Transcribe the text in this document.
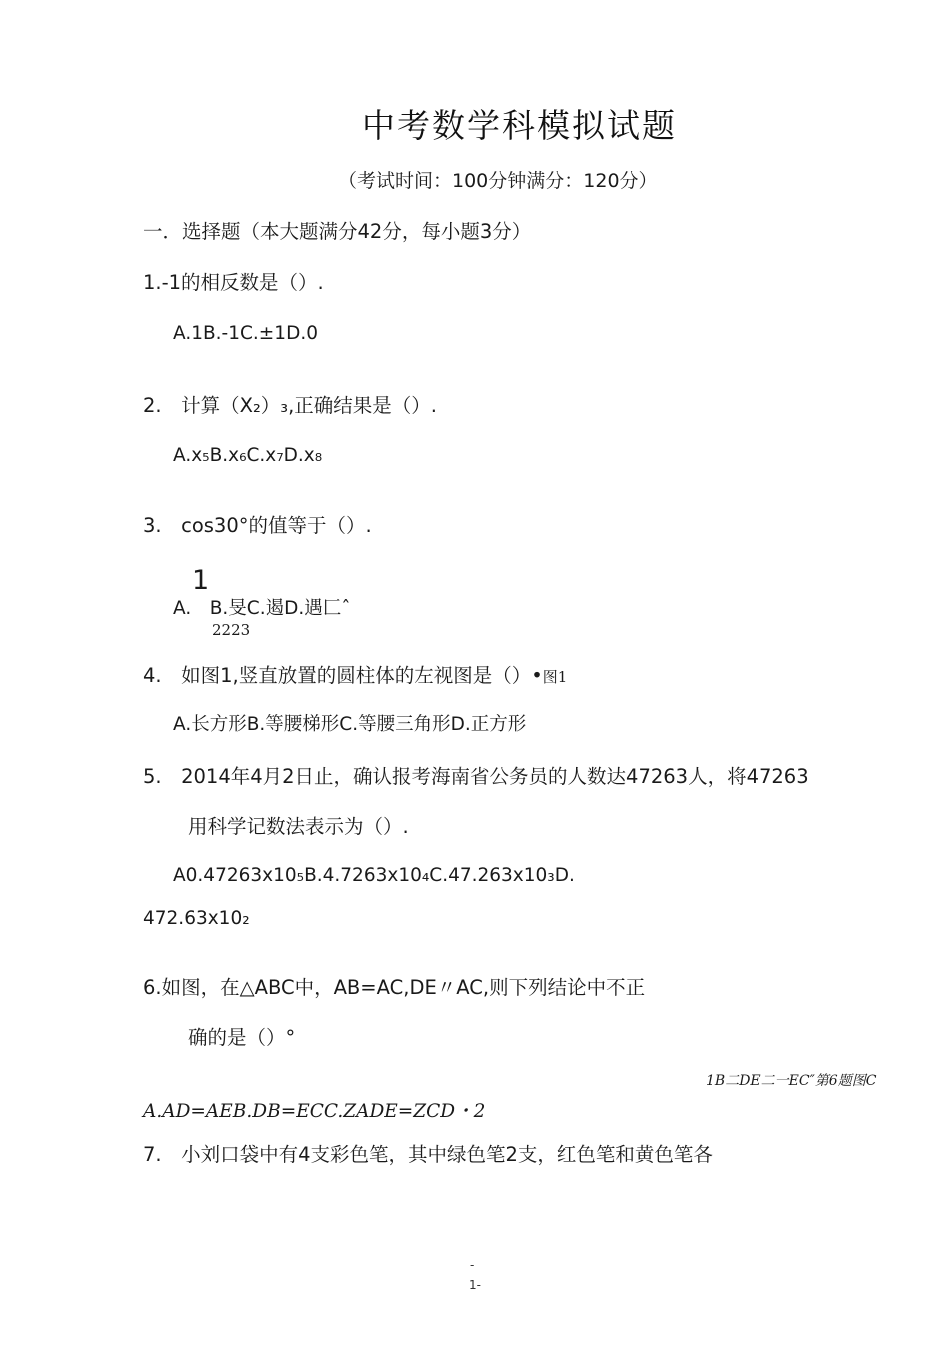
中考数学科模拟试题
（考试时间：100分钟满分：120分）
一．选择题（本大题满分42分，每小题3分）
1.-1的相反数是（）.
A.1B.-1C.±1D.0
2.　计算（X₂）₃,正确结果是（）.
A.x₅B.x₆C.x₇D.x₈
3.　cos30°的值等于（）.
1
A.　B.旻C.遏D.遇匚ˆ
2223
4.　如图1,竖直放置的圆柱体的左视图是（）•图1
A.长方形B.等腰梯形C.等腰三角形D.正方形
5.　2014年4月2日止，确认报考海南省公务员的人数达47263人，将47263
用科学记数法表示为（）.
A0.47263x10₅B.4.7263x10₄C.47.263x10₃D.
472.63x10₂
6.如图，在△ABC中，AB=AC,DE〃AC,则下列结论中不正
确的是（）°
1B二DE二一EC″第6题图C
A.AD=AEB.DB=ECC.ZADE=ZCD・2
7.　小刘口袋中有4支彩色笔，其中绿色笔2支，红色笔和黄色笔各
-
1-
